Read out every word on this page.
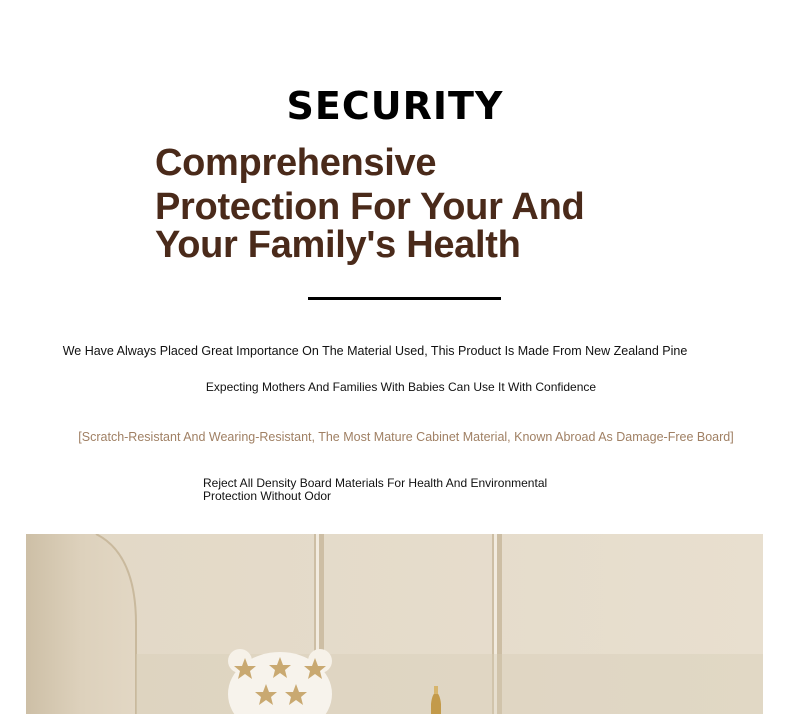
SECURITY
Comprehensive
Protection For Your And
Your Family's Health
We Have Always Placed Great Importance On The Material Used, This Product Is Made From New Zealand Pine
Expecting Mothers And Families With Babies Can Use It With Confidence
[Scratch-Resistant And Wearing-Resistant, The Most Mature Cabinet Material, Known Abroad As Damage-Free Board]
Reject All Density Board Materials For Health And Environmental Protection Without Odor
